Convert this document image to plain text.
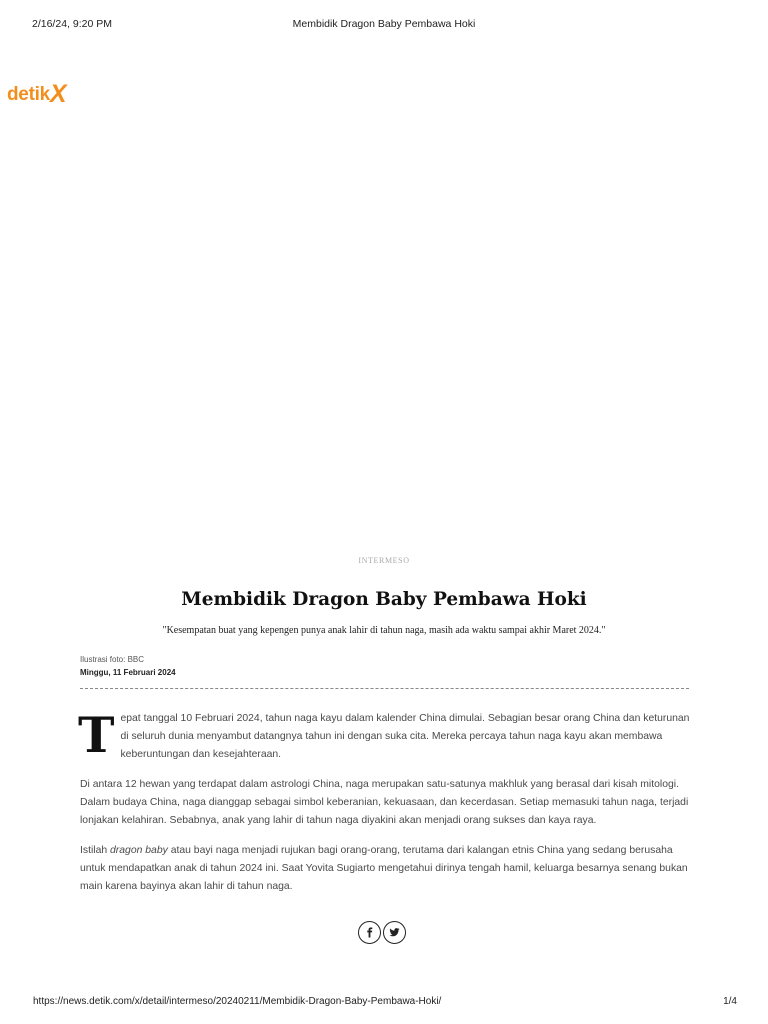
2/16/24, 9:20 PM	Membidik Dragon Baby Pembawa Hoki
detik X
INTERMESO
Membidik Dragon Baby Pembawa Hoki
"Kesempatan buat yang kepengen punya anak lahir di tahun naga, masih ada waktu sampai akhir Maret 2024."
Ilustrasi foto: BBC
Minggu, 11 Februari 2024

Tepat tanggal 10 Februari 2024, tahun naga kayu dalam kalender China dimulai. Sebagian besar orang China dan keturunan di seluruh dunia menyambut datangnya tahun ini dengan suka cita. Mereka percaya tahun naga kayu akan membawa keberuntungan dan kesejahteraan.

Di antara 12 hewan yang terdapat dalam astrologi China, naga merupakan satu-satunya makhluk yang berasal dari kisah mitologi. Dalam budaya China, naga dianggap sebagai simbol keberanian, kekuasaan, dan kecerdasan. Setiap memasuki tahun naga, terjadi lonjakan kelahiran. Sebabnya, anak yang lahir di tahun naga diyakini akan menjadi orang sukses dan kaya raya.

Istilah dragon baby atau bayi naga menjadi rujukan bagi orang-orang, terutama dari kalangan etnis China yang sedang berusaha untuk mendapatkan anak di tahun 2024 ini. Saat Yovita Sugiarto mengetahui dirinya tengah hamil, keluarga besarnya senang bukan main karena bayinya akan lahir di tahun naga.

https://news.detik.com/x/detail/intermeso/20240211/Membidik-Dragon-Baby-Pembawa-Hoki/	1/4
